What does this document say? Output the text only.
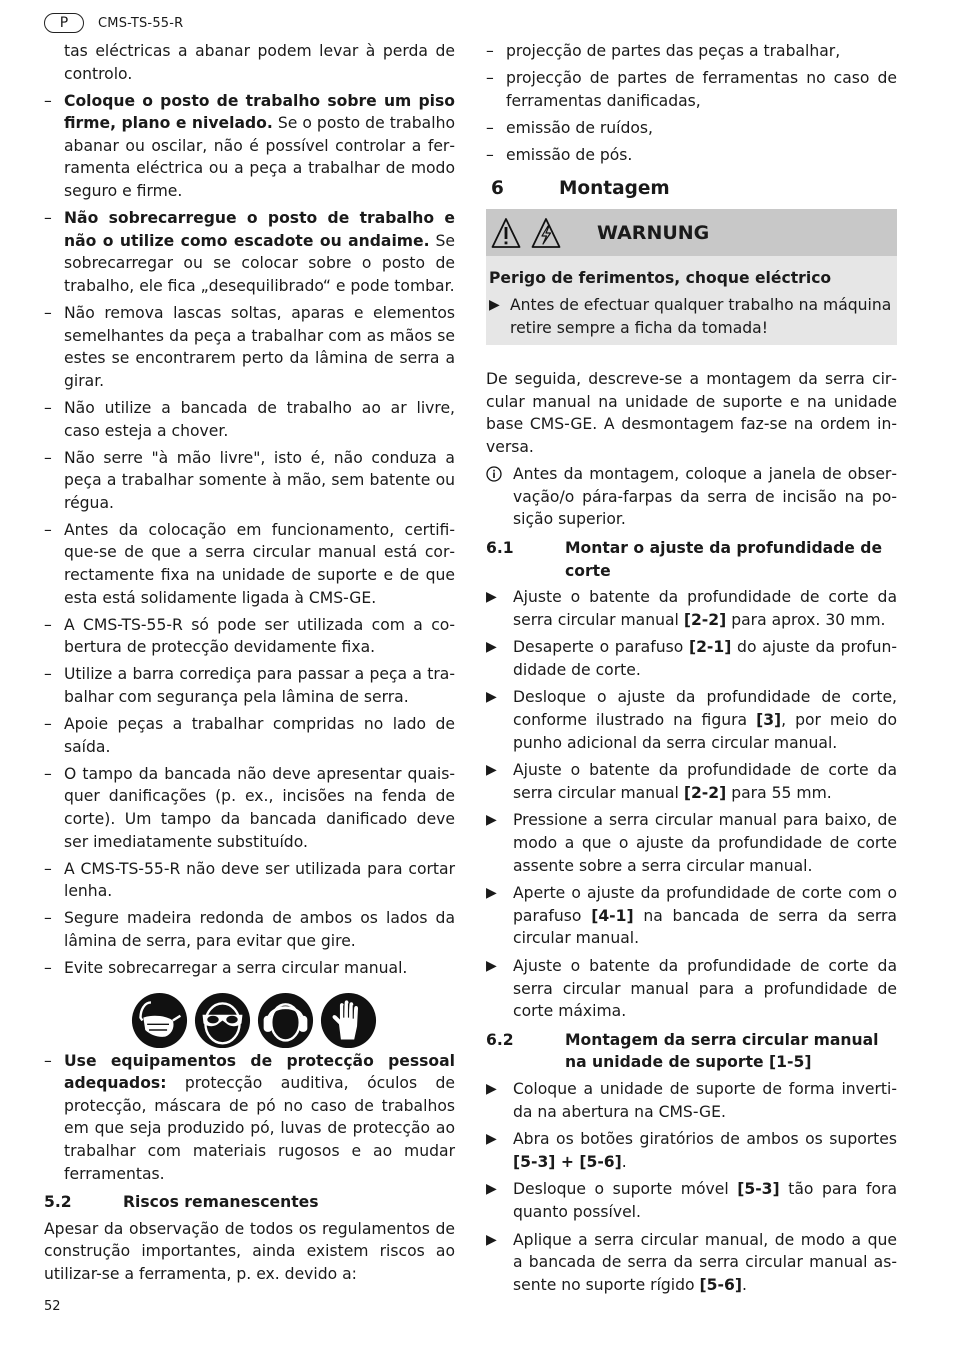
P	CMS-TS-55-R

tas eléctricas a abanar podem levar à perda de controlo.

– Coloque o posto de trabalho sobre um piso firme, plano e nivelado. Se o posto de trabalho abanar ou oscilar, não é possível controlar a ferramenta eléctrica ou a peça a trabalhar de modo seguro e firme.
– Não sobrecarregue o posto de trabalho e não o utilize como escadote ou andaime. Se sobrecarregar ou se colocar sobre o posto de trabalho, ele fica „desequilibrado“ e pode tombar.
– Não remova lascas soltas, aparas e elementos semelhantes da peça a trabalhar com as mãos se estes se encontrarem perto da lâmina de serra a girar.
– Não utilize a bancada de trabalho ao ar livre, caso esteja a chover.
– Não serre "à mão livre", isto é, não conduza a peça a trabalhar somente à mão, sem batente ou régua.
– Antes da colocação em funcionamento, certifique-se de que a serra circular manual está correctamente fixa na unidade de suporte e de que esta está solidamente ligada à CMS-GE.
– A CMS-TS-55-R só pode ser utilizada com a cobertura de protecção devidamente fixa.
– Utilize a barra corrediça para passar a peça a trabalhar com segurança pela lâmina de serra.
– Apoie peças a trabalhar compridas no lado de saída.
– O tampo da bancada não deve apresentar quaisquer danificações (p. ex., incisões na fenda de corte). Um tampo da bancada danificado deve ser imediatamente substituído.
– A CMS-TS-55-R não deve ser utilizada para cortar lenha.
– Segure madeira redonda de ambos os lados da lâmina de serra, para evitar que gire.
– Evite sobrecarregar a serra circular manual.
– Use equipamentos de protecção pessoal adequados: protecção auditiva, óculos de protecção, máscara de pó no caso de trabalhos em que seja produzido pó, luvas de protecção ao trabalhar com materiais rugosos e ao mudar ferramentas.
5.2	Riscos remanescentes

Apesar da observação de todos os regulamentos de construção importantes, ainda existem riscos ao utilizar-se a ferramenta, p. ex. devido a:

– projecção de partes das peças a trabalhar,
– projecção de partes de ferramentas no caso de ferramentas danificadas,
– emissão de ruídos,
– emissão de pós.
6	Montagem
WARNUNG
Perigo de ferimentos, choque eléctrico
▶ Antes de efectuar qualquer trabalho na máquina retire sempre a ficha da tomada!

De seguida, descreve-se a montagem da serra circular manual na unidade de suporte e na unidade base CMS-GE. A desmontagem faz-se na ordem inversa.

Antes da montagem, coloque a janela de observação/o pára-farpas da serra de incisão na posição superior.
6.1	Montar o ajuste da profundidade de corte
▶ Ajuste o batente da profundidade de corte da serra circular manual [2-2] para aprox. 30 mm.
▶ Desaperte o parafuso [2-1] do ajuste da profundidade de corte.
▶ Desloque o ajuste da profundidade de corte, conforme ilustrado na figura [3], por meio do punho adicional da serra circular manual.
▶ Ajuste o batente da profundidade de corte da serra circular manual [2-2] para 55 mm.
▶ Pressione a serra circular manual para baixo, de modo a que o ajuste da profundidade de corte assente sobre a serra circular manual.
▶ Aperte o ajuste da profundidade de corte com o parafuso [4-1] na bancada de serra da serra circular manual.
▶ Ajuste o batente da profundidade de corte da serra circular manual para a profundidade de corte máxima.
6.2	Montagem da serra circular manual na unidade de suporte [1-5]
▶ Coloque a unidade de suporte de forma invertida na abertura na CMS-GE.
▶ Abra os botões giratórios de ambos os suportes [5-3] + [5-6].
▶ Desloque o suporte móvel [5-3] tão para fora quanto possível.
▶ Aplique a serra circular manual, de modo a que a bancada de serra da serra circular manual assente no suporte rígido [5-6].
52
